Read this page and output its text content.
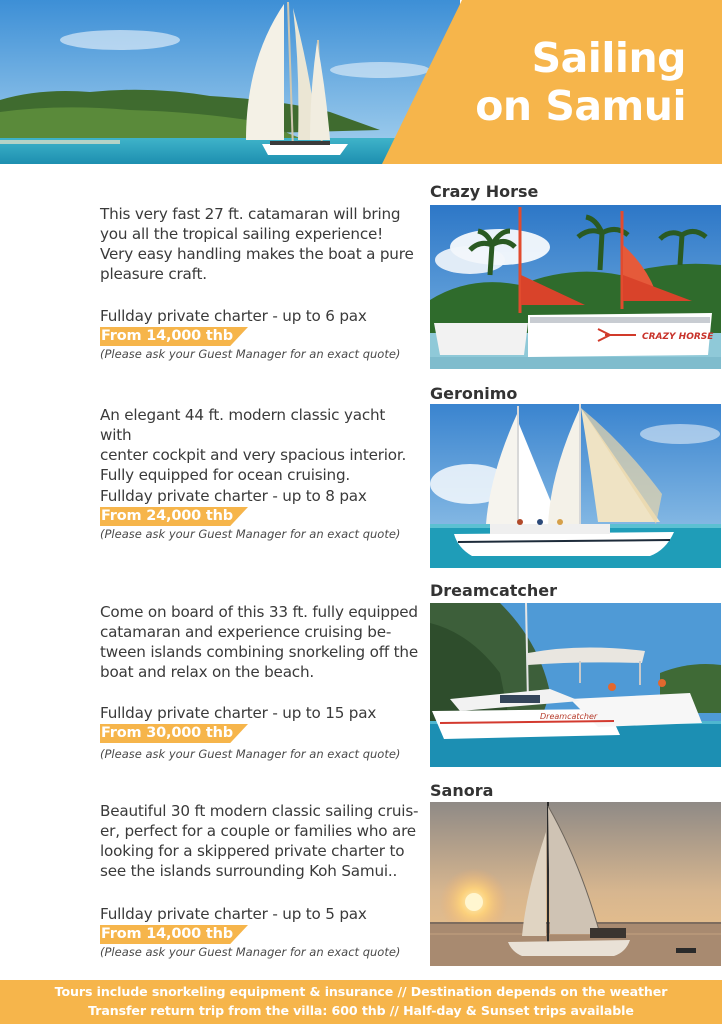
Sailing
on Samui
Crazy Horse
CRAZY HORSE
This very fast 27 ft. catamaran will bring
you all the tropical sailing experience!
Very easy handling makes the boat a pure
pleasure craft.
Fullday private charter - up to 6 pax
From 14,000 thb
(Please ask your Guest Manager for an exact quote)
Geronimo
An elegant 44 ft. modern classic yacht with
center cockpit and very spacious interior.
Fully equipped for ocean cruising.
Fullday private charter - up to 8 pax
From 24,000 thb
(Please ask your Guest Manager for an exact quote)
Dreamcatcher
Dreamcatcher
Come on board of this 33 ft. fully equipped
catamaran and experience cruising be-
tween islands combining snorkeling off the
boat and relax on the beach.
Fullday private charter - up to 15 pax
From 30,000 thb
(Please ask your Guest Manager for an exact quote)
Sanora
Beautiful 30 ft modern classic sailing cruis-
er, perfect for a couple or families who are
looking for a skippered private charter to
see the islands surrounding Koh Samui..
Fullday private charter - up to 5 pax
From 14,000 thb
(Please ask your Guest Manager for an exact quote)
Tours include snorkeling equipment & insurance // Destination depends on the weather
Transfer return trip from the villa: 600 thb // Half-day & Sunset trips available
